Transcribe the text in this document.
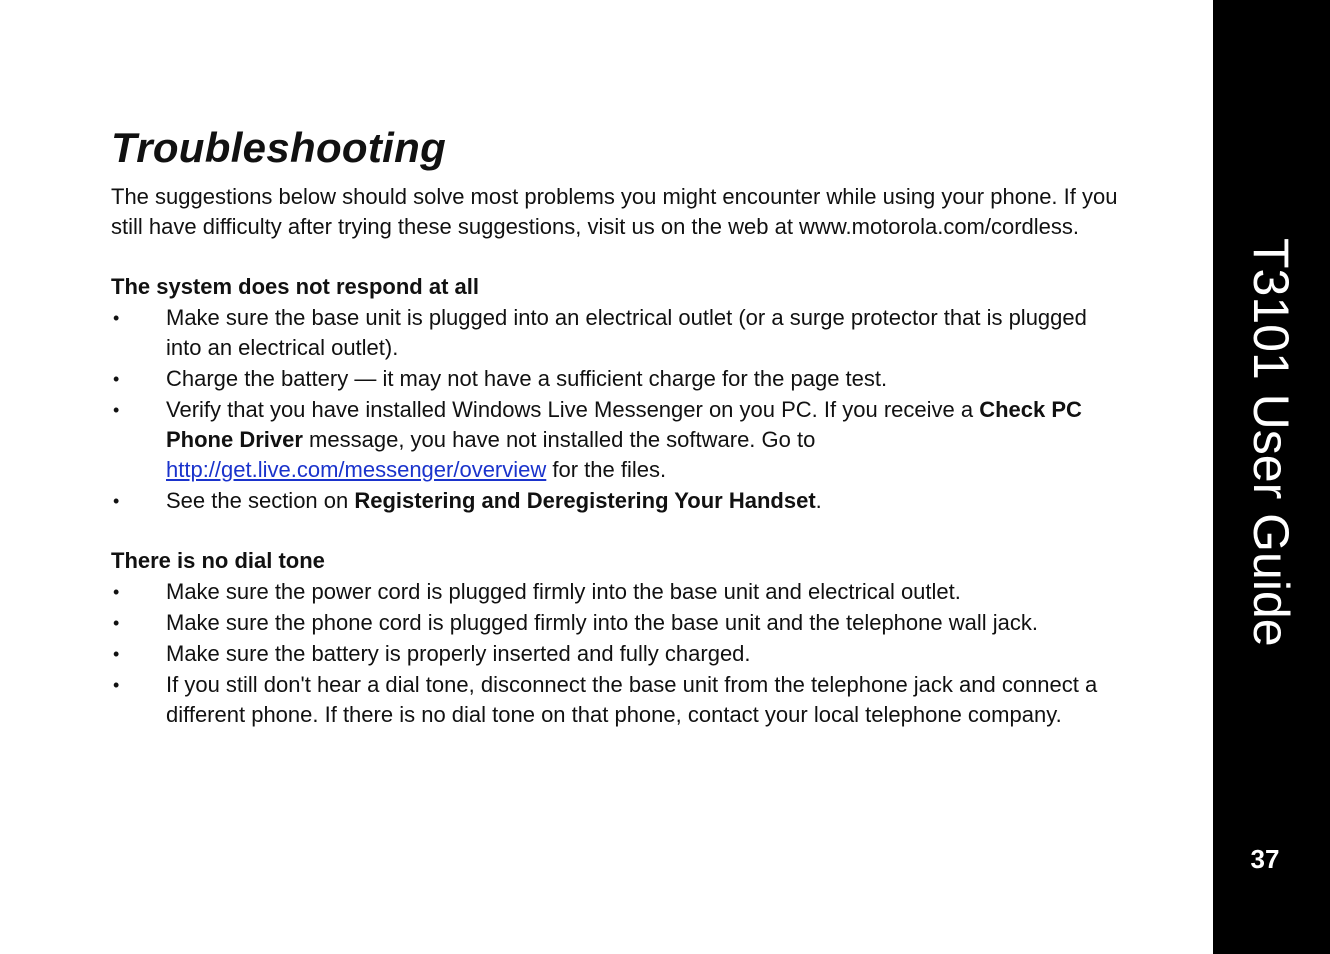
Troubleshooting

The suggestions below should solve most problems you might encounter while using your phone. If you still have difficulty after trying these suggestions, visit us on the web at www.motorola.com/cordless.

The system does not respond at all
• Make sure the base unit is plugged into an electrical outlet (or a surge protector that is plugged into an electrical outlet).
• Charge the battery — it may not have a sufficient charge for the page test.
• Verify that you have installed Windows Live Messenger on you PC. If you receive a Check PC Phone Driver message, you have not installed the software. Go to http://get.live.com/messenger/overview for the files.
• See the section on Registering and Deregistering Your Handset.
There is no dial tone
• Make sure the power cord is plugged firmly into the base unit and electrical outlet.
• Make sure the phone cord is plugged firmly into the base unit and the telephone wall jack.
• Make sure the battery is properly inserted and fully charged.
• If you still don't hear a dial tone, disconnect the base unit from the telephone jack and connect a different phone. If there is no dial tone on that phone, contact your local telephone company.
T3101 User Guide
37
